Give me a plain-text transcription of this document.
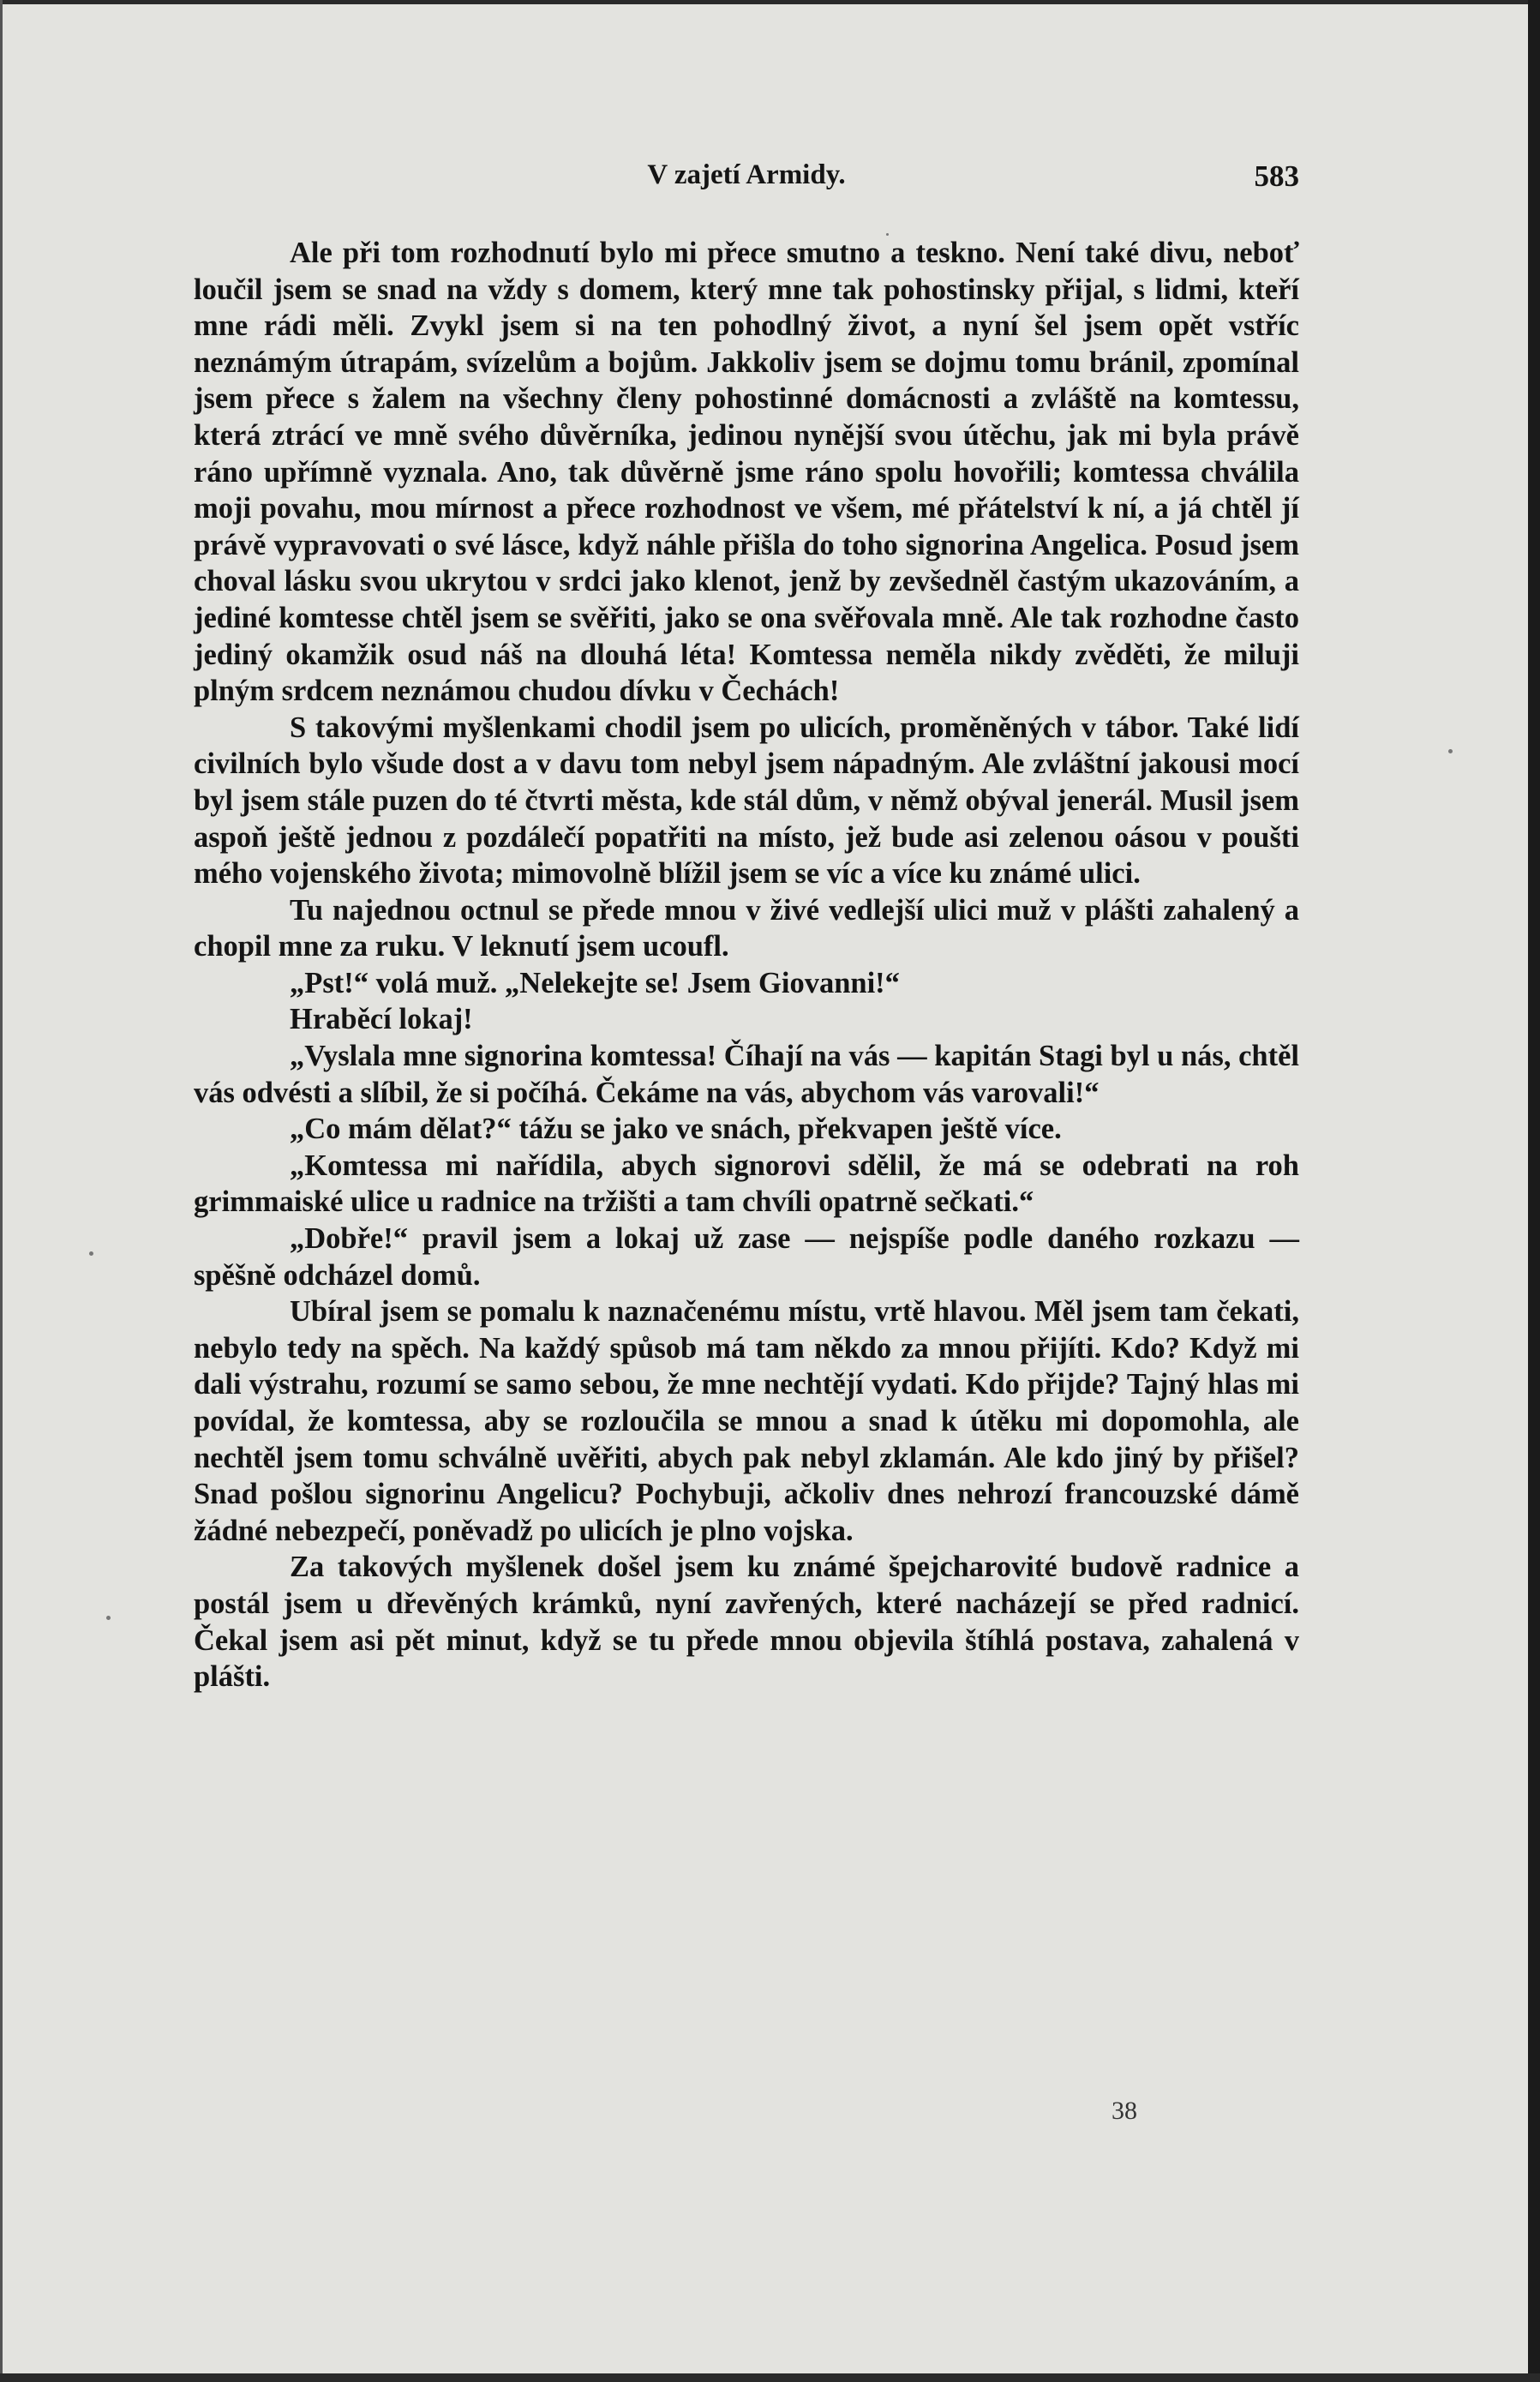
V zajetí Armidy.	583

Ale při tom rozhodnutí bylo mi přece smutno a teskno. Není také divu, neboť loučil jsem se snad na vždy s domem, který mne tak pohostinsky přijal, s lidmi, kteří mne rádi měli. Zvykl jsem si na ten pohodlný život, a nyní šel jsem opět vstříc neznámým útrapám, svízelům a bojům. Jakkoliv jsem se dojmu tomu bránil, zpomínal jsem přece s žalem na všechny členy pohostinné domácnosti a zvláště na komtessu, která ztrácí ve mně svého důvěrníka, jedinou nynější svou útěchu, jak mi byla právě ráno upřímně vyznala. Ano, tak důvěrně jsme ráno spolu hovořili; komtessa chválila moji povahu, mou mírnost a přece rozhodnost ve všem, mé přátelství k ní, a já chtěl jí právě vypravovati o své lásce, když náhle přišla do toho signorina Angelica. Posud jsem choval lásku svou ukrytou v srdci jako klenot, jenž by zevšedněl častým ukazováním, a jediné komtesse chtěl jsem se svěřiti, jako se ona svěřovala mně. Ale tak rozhodne často jediný okamžik osud náš na dlouhá léta! Komtessa neměla nikdy zvěděti, že miluji plným srdcem neznámou chudou dívku v Čechách!

S takovými myšlenkami chodil jsem po ulicích, proměněných v tábor. Také lidí civilních bylo všude dost a v davu tom nebyl jsem nápadným. Ale zvláštní jakousi mocí byl jsem stále puzen do té čtvrti města, kde stál dům, v němž obýval jenerál. Musil jsem aspoň ještě jednou z pozdálečí popatřiti na místo, jež bude asi zelenou oásou v poušti mého vojenského života; mimovolně blížil jsem se víc a více ku známé ulici.

Tu najednou octnul se přede mnou v živé vedlejší ulici muž v plášti zahalený a chopil mne za ruku. V leknutí jsem ucoufl.

„Pst!“ volá muž. „Nelekejte se! Jsem Giovanni!“

Hraběcí lokaj!

„Vyslala mne signorina komtessa! Číhají na vás — kapitán Stagi byl u nás, chtěl vás odvésti a slíbil, že si počíhá. Čekáme na vás, abychom vás varovali!“

„Co mám dělat?“ tážu se jako ve snách, překvapen ještě více.

„Komtessa mi nařídila, abych signorovi sdělil, že má se odebrati na roh grimmaiské ulice u radnice na tržišti a tam chvíli opatrně sečkati.“

„Dobře!“ pravil jsem a lokaj už zase — nejspíše podle daného rozkazu — spěšně odcházel domů.

Ubíral jsem se pomalu k naznačenému místu, vrtě hlavou. Měl jsem tam čekati, nebylo tedy na spěch. Na každý spůsob má tam někdo za mnou přijíti. Kdo? Když mi dali výstrahu, rozumí se samo sebou, že mne nechtějí vydati. Kdo přijde? Tajný hlas mi povídal, že komtessa, aby se rozloučila se mnou a snad k útěku mi dopomohla, ale nechtěl jsem tomu schválně uvěřiti, abych pak nebyl zklamán. Ale kdo jiný by přišel? Snad pošlou signorinu Angelicu? Pochybuji, ačkoliv dnes nehrozí francouzské dámě žádné nebezpečí, poněvadž po ulicích je plno vojska.

Za takových myšlenek došel jsem ku známé špejcharovité budově radnice a postál jsem u dřevěných krámků, nyní zavřených, které nacházejí se před radnicí. Čekal jsem asi pět minut, když se tu přede mnou objevila štíhlá postava, zahalená v plášti.

38
